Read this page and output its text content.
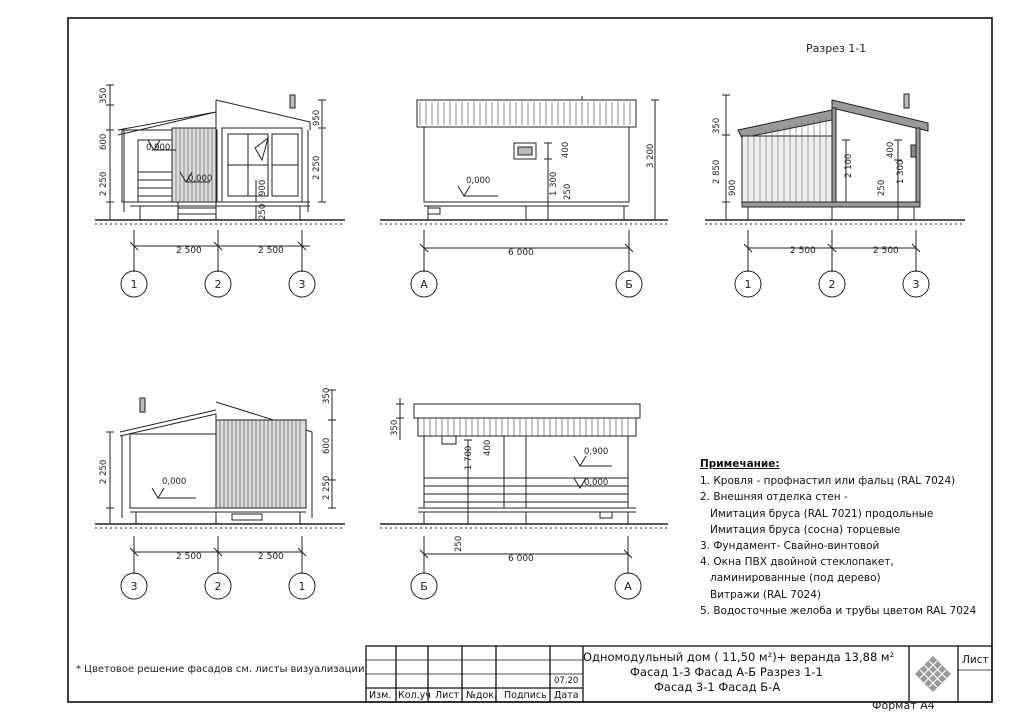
Разрез 1-1
2 500	2 500	6 000	2 500	2 500
2 500	2 500	6 000
350
600
2 250
950
2 250
900
250
0,900
0,000
3 200
400
1 300 250
0,000
350
2 850
900
2 100
400
1 300
250
2 250
350
600
2 250
0,000
350
1 700 400
250
0,900
0,000
1	2	3	А	Б	1	2	3
3	2	1	Б	А
Примечание:
1. Кровля - профнастил или фальц (RAL 7024)
2. Внешняя отделка стен -
Имитация бруса (RAL 7021) продольные
Имитация бруса (сосна) торцевые
3. Фундамент- Свайно-винтовой
4. Окна ПВХ двойной стеклопакет,
ламинированные (под дерево)
Витражи (RAL 7024)
5. Водосточные желоба и трубы цветом RAL 7024
* Цветовое решение фасадов см. листы визуализации
Одномодульный дом ( 11,50 м²)+ веранда 13,88 м²
Фасад 1-3 Фасад А-Б Разрез 1-1
Фасад 3-1 Фасад Б-А
Лист
07.20
Изм. Кол.уч Лист №док. Подпись Дата
Формат А4
